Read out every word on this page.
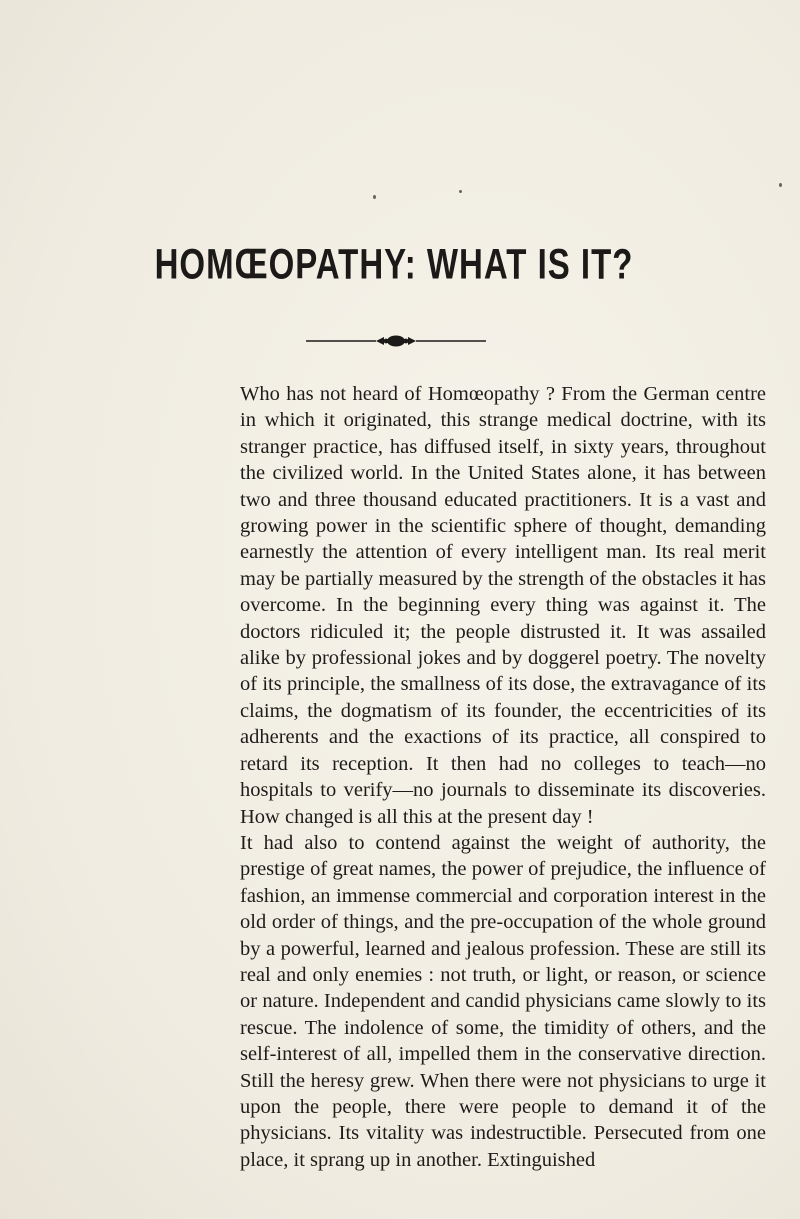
HOMŒOPATHY: WHAT IS IT?

Who has not heard of Homœopathy ? From the German centre in which it originated, this strange medical doctrine, with its stranger practice, has diffused itself, in sixty years, throughout the civilized world. In the United States alone, it has between two and three thousand educated practitioners. It is a vast and growing power in the scientific sphere of thought, demanding earnestly the attention of every intelligent man. Its real merit may be partially measured by the strength of the obstacles it has overcome. In the beginning every thing was against it. The doctors ridiculed it; the people distrusted it. It was assailed alike by professional jokes and by doggerel poetry. The novelty of its principle, the smallness of its dose, the extravagance of its claims, the dogmatism of its founder, the eccentricities of its adherents and the exactions of its practice, all conspired to retard its reception. It then had no colleges to teach—no hospitals to verify—no journals to disseminate its discoveries. How changed is all this at the present day !

It had also to contend against the weight of authority, the prestige of great names, the power of prejudice, the influence of fashion, an immense commercial and corporation interest in the old order of things, and the pre-occupation of the whole ground by a powerful, learned and jealous profession. These are still its real and only enemies : not truth, or light, or reason, or science or nature. Independent and candid physicians came slowly to its rescue. The indolence of some, the timidity of others, and the self-interest of all, impelled them in the conservative direction. Still the heresy grew. When there were not physicians to urge it upon the people, there were people to demand it of the physicians. Its vitality was indestructible. Persecuted from one place, it sprang up in another. Extinguished
